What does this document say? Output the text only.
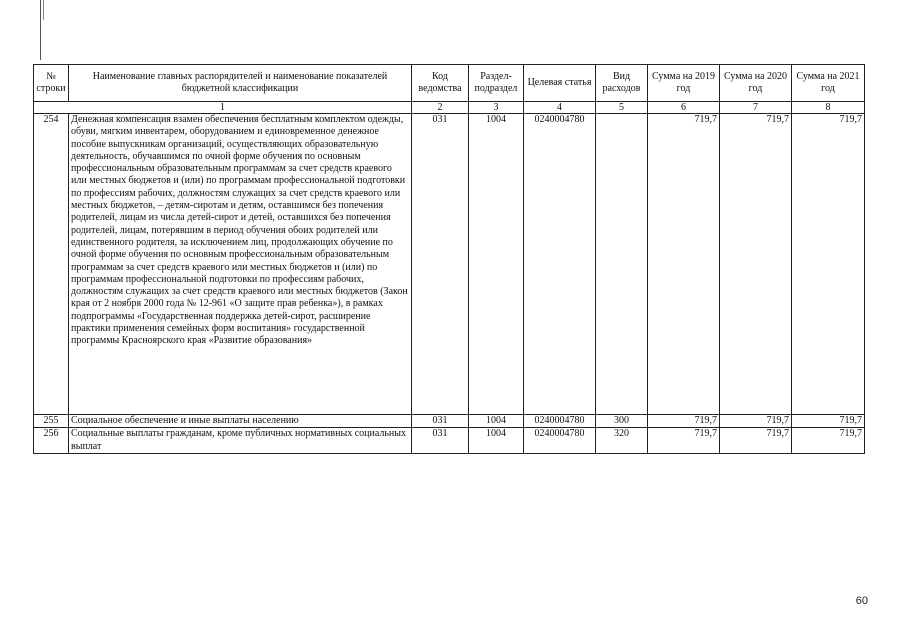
№ строки	Наименование главных распорядителей и наименование показателей бюджетной классификации	Код ведомства	Раздел-подраздел	Целевая статья	Вид расходов	Сумма на 2019 год	Сумма на 2020 год	Сумма на 2021 год
1		2	3	4	5	6	7	8
254	Денежная компенсация взамен обеспечения бесплатным комплектом одежды, обуви, мягким инвентарем, оборудованием и единовременное денежное пособие выпускникам организаций, осуществляющих образовательную деятельность, обучавшимся по очной форме обучения по основным профессиональным образовательным программам за счет средств краевого или местных бюджетов и (или) по программам профессиональной подготовки по профессиям рабочих, должностям служащих за счет средств краевого или местных бюджетов, – детям-сиротам и детям, оставшимся без попечения родителей, лицам из числа детей-сирот и детей, оставшихся без попечения родителей, лицам, потерявшим в период обучения обоих родителей или единственного родителя, за исключением лиц, продолжающих обучение по очной форме обучения по основным профессиональным образовательным программам за счет средств краевого или местных бюджетов и (или) по программам профессиональной подготовки по профессиям рабочих, должностям служащих за счет средств краевого или местных бюджетов (Закон края от 2 ноября 2000 года № 12-961 «О защите прав ребенка»), в рамках подпрограммы «Государственная поддержка детей-сирот, расширение практики применения семейных форм воспитания» государственной программы Красноярского края «Развитие образования»	031	1004	0240004780		719,7	719,7	719,7
255	Социальное обеспечение и иные выплаты населению	031	1004	0240004780	300	719,7	719,7	719,7
256	Социальные выплаты гражданам, кроме публичных нормативных социальных выплат	031	1004	0240004780	320	719,7	719,7	719,7
60
